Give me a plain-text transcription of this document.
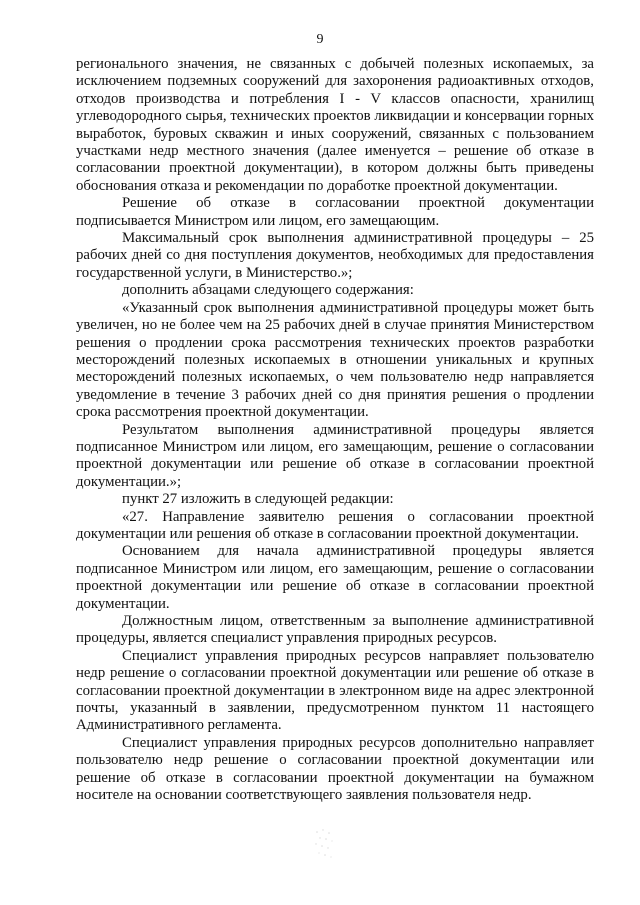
9

регионального значения, не связанных с добычей полезных ископаемых, за исключением подземных сооружений для захоронения радиоактивных отходов, отходов производства и потребления I - V классов опасности, хранилищ углеводородного сырья, технических проектов ликвидации и консервации горных выработок, буровых скважин и иных сооружений, связанных с пользованием участками недр местного значения (далее именуется – решение об отказе в согласовании проектной документации), в котором должны быть приведены обоснования отказа и рекомендации по доработке проектной документации.

Решение об отказе в согласовании проектной документации подписывается Министром или лицом, его замещающим.

Максимальный срок выполнения административной процедуры – 25 рабочих дней со дня поступления документов, необходимых для предоставления государственной услуги, в Министерство.»;

дополнить абзацами следующего содержания:

«Указанный срок выполнения административной процедуры может быть увеличен, но не более чем на 25 рабочих дней в случае принятия Министерством решения о продлении срока рассмотрения технических проектов разработки месторождений полезных ископаемых в отношении уникальных и крупных месторождений полезных ископаемых, о чем пользователю недр направляется уведомление в течение 3 рабочих дней со дня принятия решения о продлении срока рассмотрения проектной документации.

Результатом выполнения административной процедуры является подписанное Министром или лицом, его замещающим, решение о согласовании проектной документации или решение об отказе в согласовании проектной документации.»;

пункт 27 изложить в следующей редакции:

«27. Направление заявителю решения о согласовании проектной документации или решения об отказе в согласовании проектной документации.

Основанием для начала административной процедуры является подписанное Министром или лицом, его замещающим, решение о согласовании проектной документации или решение об отказе в согласовании проектной документации.

Должностным лицом, ответственным за выполнение административной процедуры, является специалист управления природных ресурсов.

Специалист управления природных ресурсов направляет пользователю недр решение о согласовании проектной документации или решение об отказе в согласовании проектной документации в электронном виде на адрес электронной почты, указанный в заявлении, предусмотренном пунктом 11 настоящего Административного регламента.

Специалист управления природных ресурсов дополнительно направляет пользователю недр решение о согласовании проектной документации или решение об отказе в согласовании проектной документации на бумажном носителе на основании соответствующего заявления пользователя недр.
